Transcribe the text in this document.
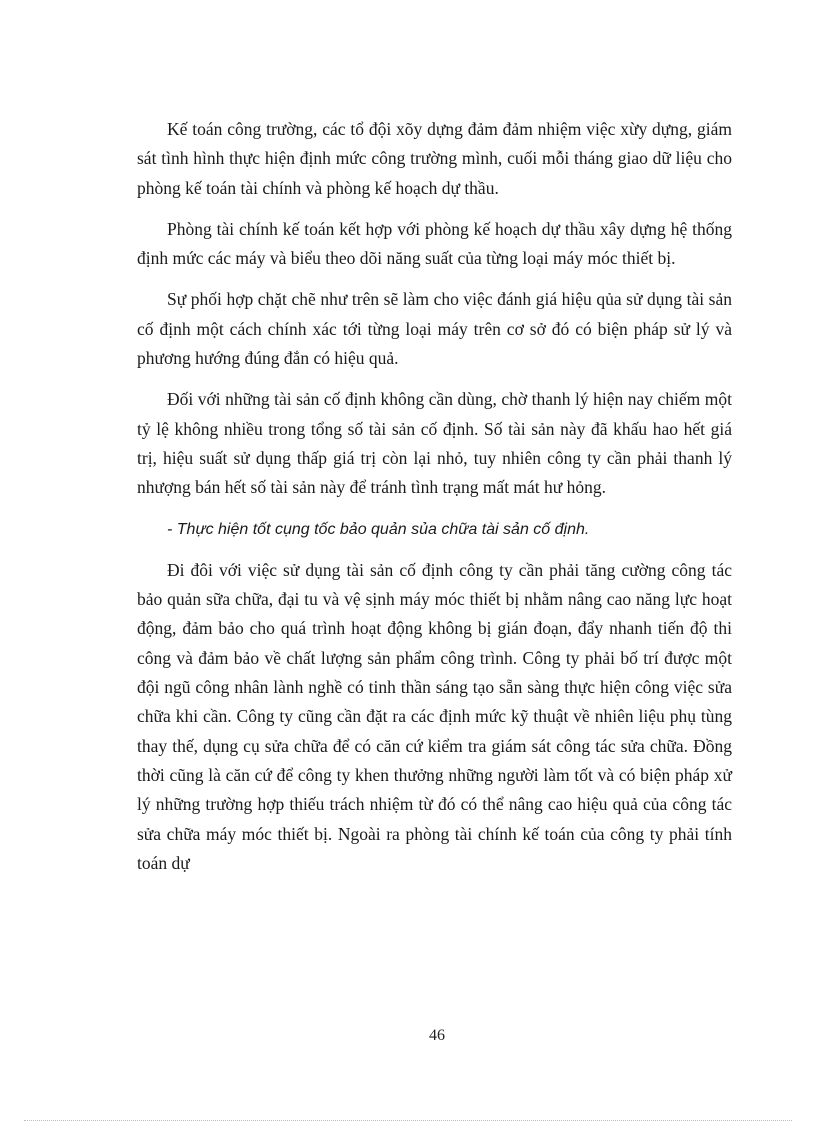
Kế toán công trường, các tổ đội xõy dựng đảm đảm nhiệm việc xừy dựng, giám sát tình hình thực hiện định mức công trường mình, cuối mỗi tháng giao dữ liệu cho phòng kế toán tài chính và phòng kế hoạch dự thầu.

Phòng tài chính kế toán kết hợp với phòng kế hoạch dự thầu xây dựng hệ thống định mức các máy và biểu theo dõi năng suất của từng loại máy móc thiết bị.

Sự phối hợp chặt chẽ như trên sẽ làm cho việc đánh giá hiệu qủa sử dụng tài sản cố định một cách chính xác tới từng loại máy trên cơ sở đó có biện pháp sử lý và phương hướng đúng đắn có hiệu quả.

Đối với những tài sản cố định không cần dùng, chờ thanh lý hiện nay chiếm một tỷ lệ không nhiều trong tổng số tài sản cố định. Số tài sản này đã khấu hao hết giá trị, hiệu suất sử dụng thấp giá trị còn lại nhỏ, tuy nhiên công ty cần phải thanh lý nhượng bán hết số tài sản này để tránh tình trạng mất mát hư hỏng.

- Thực hiện tốt cụng tốc bảo quản sủa chữa tài sản cố định.

Đi đôi với việc sử dụng tài sản cố định công ty cần phải tăng cường công tác bảo quản sữa chữa, đại tu và vệ sịnh máy móc thiết bị nhằm nâng cao năng lực hoạt động, đảm bảo cho quá trình hoạt động không bị gián đoạn, đẩy nhanh tiến độ thi công và đảm bảo về chất lượng sản phẩm công trình. Công ty phải bố trí được một đội ngũ công nhân lành nghề có tinh thần sáng tạo sẵn sàng thực hiện công việc sửa chữa khi cần. Công ty cũng cần đặt ra các định mức kỹ thuật về nhiên liệu phụ tùng thay thế, dụng cụ sửa chữa để có căn cứ kiểm tra giám sát công tác sửa chữa. Đồng thời cũng là căn cứ để công ty khen thưởng những người làm tốt và có biện pháp xử lý những trường hợp thiếu trách nhiệm từ đó có thể nâng cao hiệu quả của công tác sửa chữa máy móc thiết bị. Ngoài ra phòng tài chính kế toán của công ty phải tính toán dự

46
